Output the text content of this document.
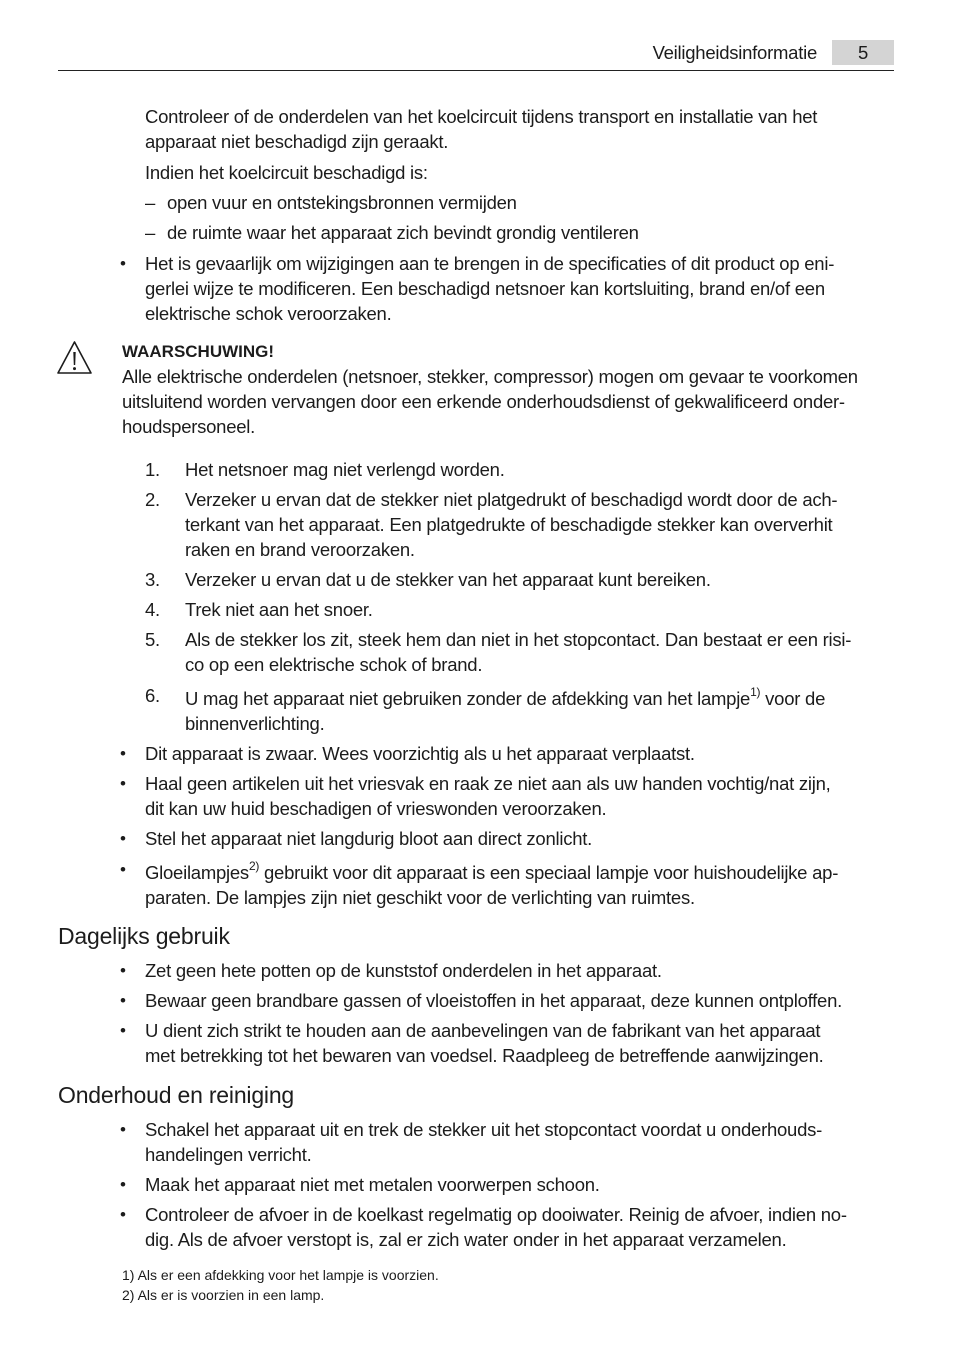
Veiligheidsinformatie	5

Controleer of de onderdelen van het koelcircuit tijdens transport en installatie van het
apparaat niet beschadigd zijn geraakt.

Indien het koelcircuit beschadigd is:

– open vuur en ontstekingsbronnen vermijden
– de ruimte waar het apparaat zich bevindt grondig ventileren
• Het is gevaarlijk om wijzigingen aan te brengen in de specificaties of dit product op eni-
gerlei wijze te modificeren. Een beschadigd netsnoer kan kortsluiting, brand en/of een
elektrische schok veroorzaken.
WAARSCHUWING!

Alle elektrische onderdelen (netsnoer, stekker, compressor) mogen om gevaar te voorkomen
uitsluitend worden vervangen door een erkende onderhoudsdienst of gekwalificeerd onder-
houdspersoneel.

1. Het netsnoer mag niet verlengd worden.
2. Verzeker u ervan dat de stekker niet platgedrukt of beschadigd wordt door de ach-
terkant van het apparaat. Een platgedrukte of beschadigde stekker kan oververhit
raken en brand veroorzaken.
3. Verzeker u ervan dat u de stekker van het apparaat kunt bereiken.
4. Trek niet aan het snoer.
5. Als de stekker los zit, steek hem dan niet in het stopcontact. Dan bestaat er een risi-
co op een elektrische schok of brand.
6. U mag het apparaat niet gebruiken zonder de afdekking van het lampje$^{1)}$ voor de
binnenverlichting.
• Dit apparaat is zwaar. Wees voorzichtig als u het apparaat verplaatst.
• Haal geen artikelen uit het vriesvak en raak ze niet aan als uw handen vochtig/nat zijn,
dit kan uw huid beschadigen of vrieswonden veroorzaken.
• Stel het apparaat niet langdurig bloot aan direct zonlicht.
• Gloeilampjes$^{2)}$ gebruikt voor dit apparaat is een speciaal lampje voor huishoudelijke ap-
paraten. De lampjes zijn niet geschikt voor de verlichting van ruimtes.
Dagelijks gebruik
• Zet geen hete potten op de kunststof onderdelen in het apparaat.
• Bewaar geen brandbare gassen of vloeistoffen in het apparaat, deze kunnen ontploffen.
• U dient zich strikt te houden aan de aanbevelingen van de fabrikant van het apparaat
met betrekking tot het bewaren van voedsel. Raadpleeg de betreffende aanwijzingen.
Onderhoud en reiniging
• Schakel het apparaat uit en trek de stekker uit het stopcontact voordat u onderhouds-
handelingen verricht.
• Maak het apparaat niet met metalen voorwerpen schoon.
• Controleer de afvoer in de koelkast regelmatig op dooiwater. Reinig de afvoer, indien no-
dig. Als de afvoer verstopt is, zal er zich water onder in het apparaat verzamelen.
1) Als er een afdekking voor het lampje is voorzien.
2) Als er is voorzien in een lamp.
